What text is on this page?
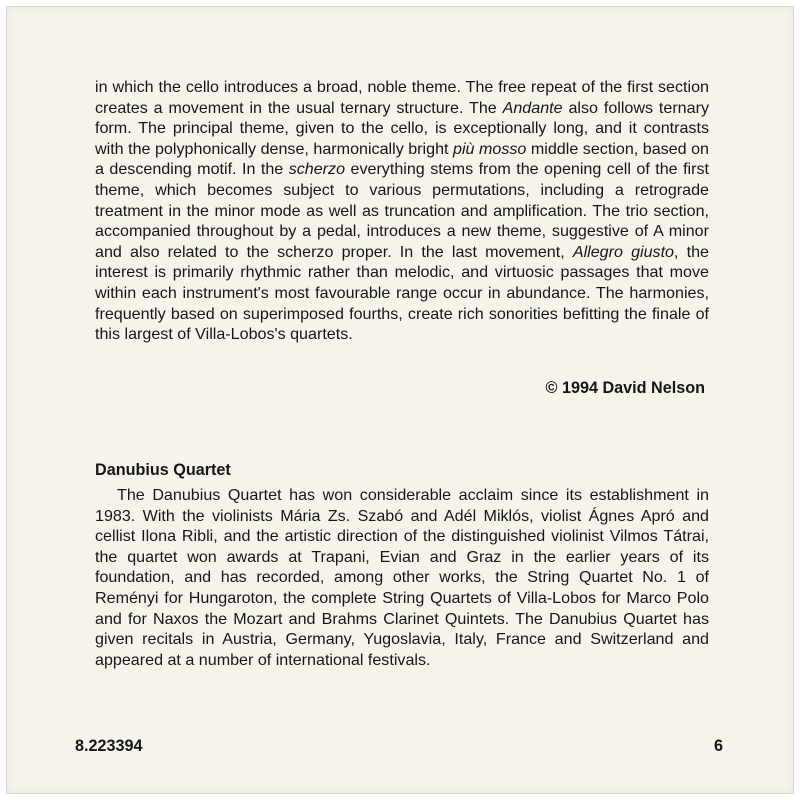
in which the cello introduces a broad, noble theme. The free repeat of the first section creates a movement in the usual ternary structure. The Andante also follows ternary form. The principal theme, given to the cello, is exceptionally long, and it contrasts with the polyphonically dense, harmonically bright più mosso middle section, based on a descending motif. In the scherzo everything stems from the opening cell of the first theme, which becomes subject to various permutations, including a retrograde treatment in the minor mode as well as truncation and amplification. The trio section, accompanied throughout by a pedal, introduces a new theme, suggestive of A minor and also related to the scherzo proper. In the last movement, Allegro giusto, the interest is primarily rhythmic rather than melodic, and virtuosic passages that move within each instrument's most favourable range occur in abundance. The harmonies, frequently based on superimposed fourths, create rich sonorities befitting the finale of this largest of Villa-Lobos's quartets.

© 1994 David Nelson
Danubius Quartet

The Danubius Quartet has won considerable acclaim since its establishment in 1983. With the violinists Mária Zs. Szabó and Adél Miklós, violist Ágnes Apró and cellist Ilona Ribli, and the artistic direction of the distinguished violinist Vilmos Tátrai, the quartet won awards at Trapani, Evian and Graz in the earlier years of its foundation, and has recorded, among other works, the String Quartet No. 1 of Reményi for Hungaroton, the complete String Quartets of Villa-Lobos for Marco Polo and for Naxos the Mozart and Brahms Clarinet Quintets. The Danubius Quartet has given recitals in Austria, Germany, Yugoslavia, Italy, France and Switzerland and appeared at a number of international festivals.

8.223394	6
